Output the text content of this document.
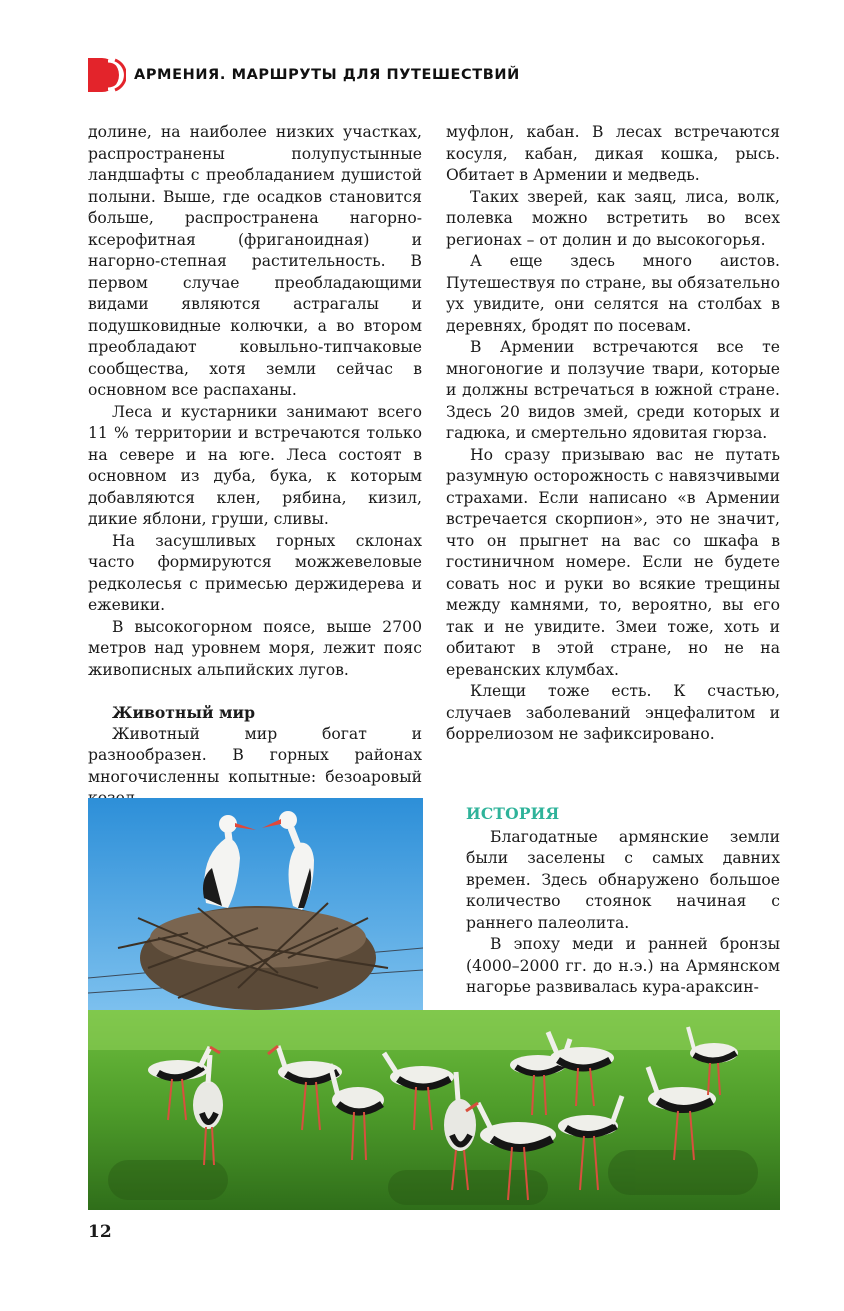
АРМЕНИЯ. МАРШРУТЫ ДЛЯ ПУТЕШЕСТВИЙ

долине, на наиболее низких участках, распространены полупустынные ландшафты с преобладанием душистой полыни. Выше, где осадков становится больше, распространена нагорно-ксерофитная (фриганоидная) и нагорно-степная растительность. В первом случае преобладающими видами являются астрагалы и подушковидные колючки, а во втором преобладают ковыльно-типчаковые сообщества, хотя земли сейчас в основном все распаханы.

Леса и кустарники занимают всего 11 % территории и встречаются только на севере и на юге. Леса состоят в основном из дуба, бука, к которым добавляются клен, рябина, кизил, дикие яблони, груши, сливы.

На засушливых горных склонах часто формируются можжевеловые редколесья с примесью держидерева и ежевики.

В высокогорном поясе, выше 2700 метров над уровнем моря, лежит пояс живописных альпийских лугов.

Животный мир

Животный мир богат и разнообразен. В горных районах многочисленны копытные: безоаровый

муфлон, кабан. В лесах встречаются косуля, кабан, дикая кошка, рысь. Обитает в Армении и медведь.

Таких зверей, как заяц, лиса, волк, полевка можно встретить во всех регионах – от долин и до высокогорья.

А еще здесь много аистов. Путешествуя по стране, вы обязательно ух увидите, они селятся на столбах в деревнях, бродят по посевам.

В Армении встречаются все те многоногие и ползучие твари, которые и должны встречаться в южной стране. Здесь 20 видов змей, среди которых и гадюка, и смертельно ядовитая гюрза.

Но сразу призываю вас не путать разумную осторожность с навязчивыми страхами. Если написано «в Армении встречается скорпион», это не значит, что он прыгнет на вас со шкафа в гостиничном номере. Если не будете совать нос и руки во всякие трещины между камнями, то, вероятно, вы его так и не увидите. Змеи тоже, хоть и обитают в этой стране, но не на ереванских клумбах.

Клещи тоже есть. К счастью, случаев заболеваний энцефалитом и боррелиозом не зафиксировано.

ИСТОРИЯ

Благодатные армянские земли были заселены с самых давних времен. Здесь обнаружено большое количество стоянок начиная с раннего палеолита.

В эпоху меди и ранней бронзы (4000–2000 гг. до н.э.) на Армянском нагорье развивалась кура-араксин-

12
